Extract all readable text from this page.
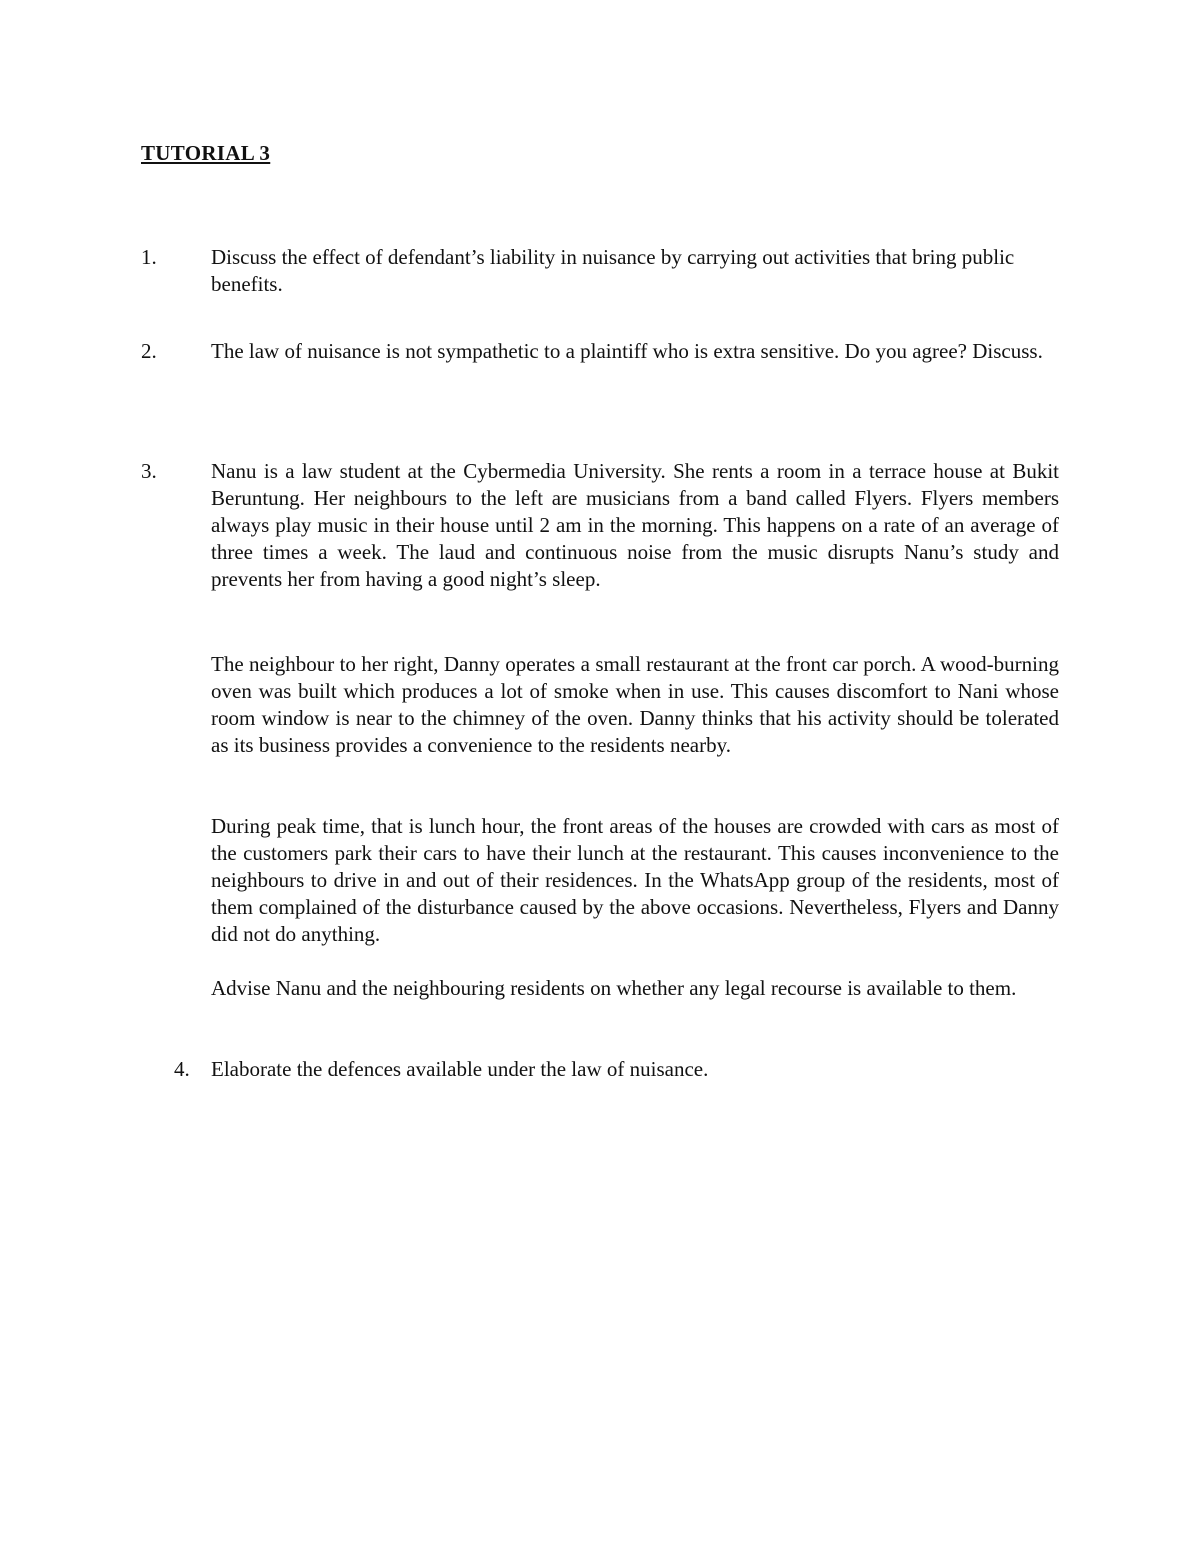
TUTORIAL 3
1.	Discuss the effect of defendant’s liability in nuisance by carrying out activities that bring public benefits.

2.	The law of nuisance is not sympathetic to a plaintiff who is extra sensitive. Do you agree? Discuss.

3.	Nanu is a law student at the Cybermedia University. She rents a room in a terrace house at Bukit Beruntung. Her neighbours to the left are musicians from a band called Flyers. Flyers members always play music in their house until 2 am in the morning. This happens on a rate of an average of three times a week. The laud and continuous noise from the music disrupts Nanu’s study and prevents her from having a good night’s sleep.

The neighbour to her right, Danny operates a small restaurant at the front car porch. A wood-burning oven was built which produces a lot of smoke when in use. This causes discomfort to Nani whose room window is near to the chimney of the oven. Danny thinks that his activity should be tolerated as its business provides a convenience to the residents nearby.

During peak time, that is lunch hour, the front areas of the houses are crowded with cars as most of the customers park their cars to have their lunch at the restaurant. This causes inconvenience to the neighbours to drive in and out of their residences. In the WhatsApp group of the residents, most of them complained of the disturbance caused by the above occasions. Nevertheless, Flyers and Danny did not do anything.

Advise Nanu and the neighbouring residents on whether any legal recourse is available to them.

4. Elaborate the defences available under the law of nuisance.
